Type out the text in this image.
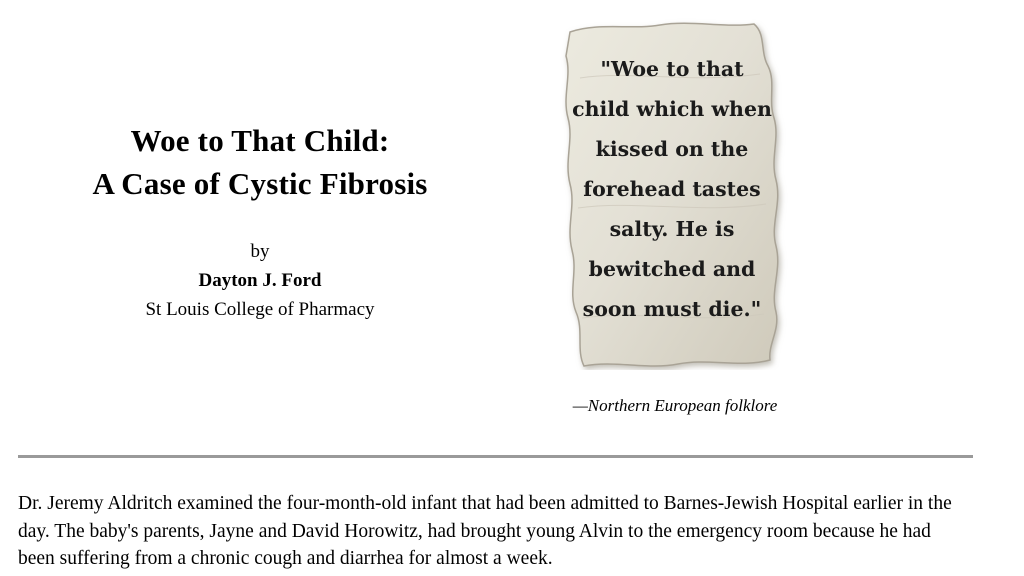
Woe to That Child:
A Case of Cystic Fibrosis
by
Dayton J. Ford
St Louis College of Pharmacy
"Woe to that
child which when
kissed on the
forehead tastes
salty. He is
bewitched and
soon must die."
—Northern European folklore

Dr. Jeremy Aldritch examined the four-month-old infant that had been admitted to Barnes-Jewish Hospital earlier in the day. The baby's parents, Jayne and David Horowitz, had brought young Alvin to the emergency room because he had been suffering from a chronic cough and diarrhea for almost a week.
